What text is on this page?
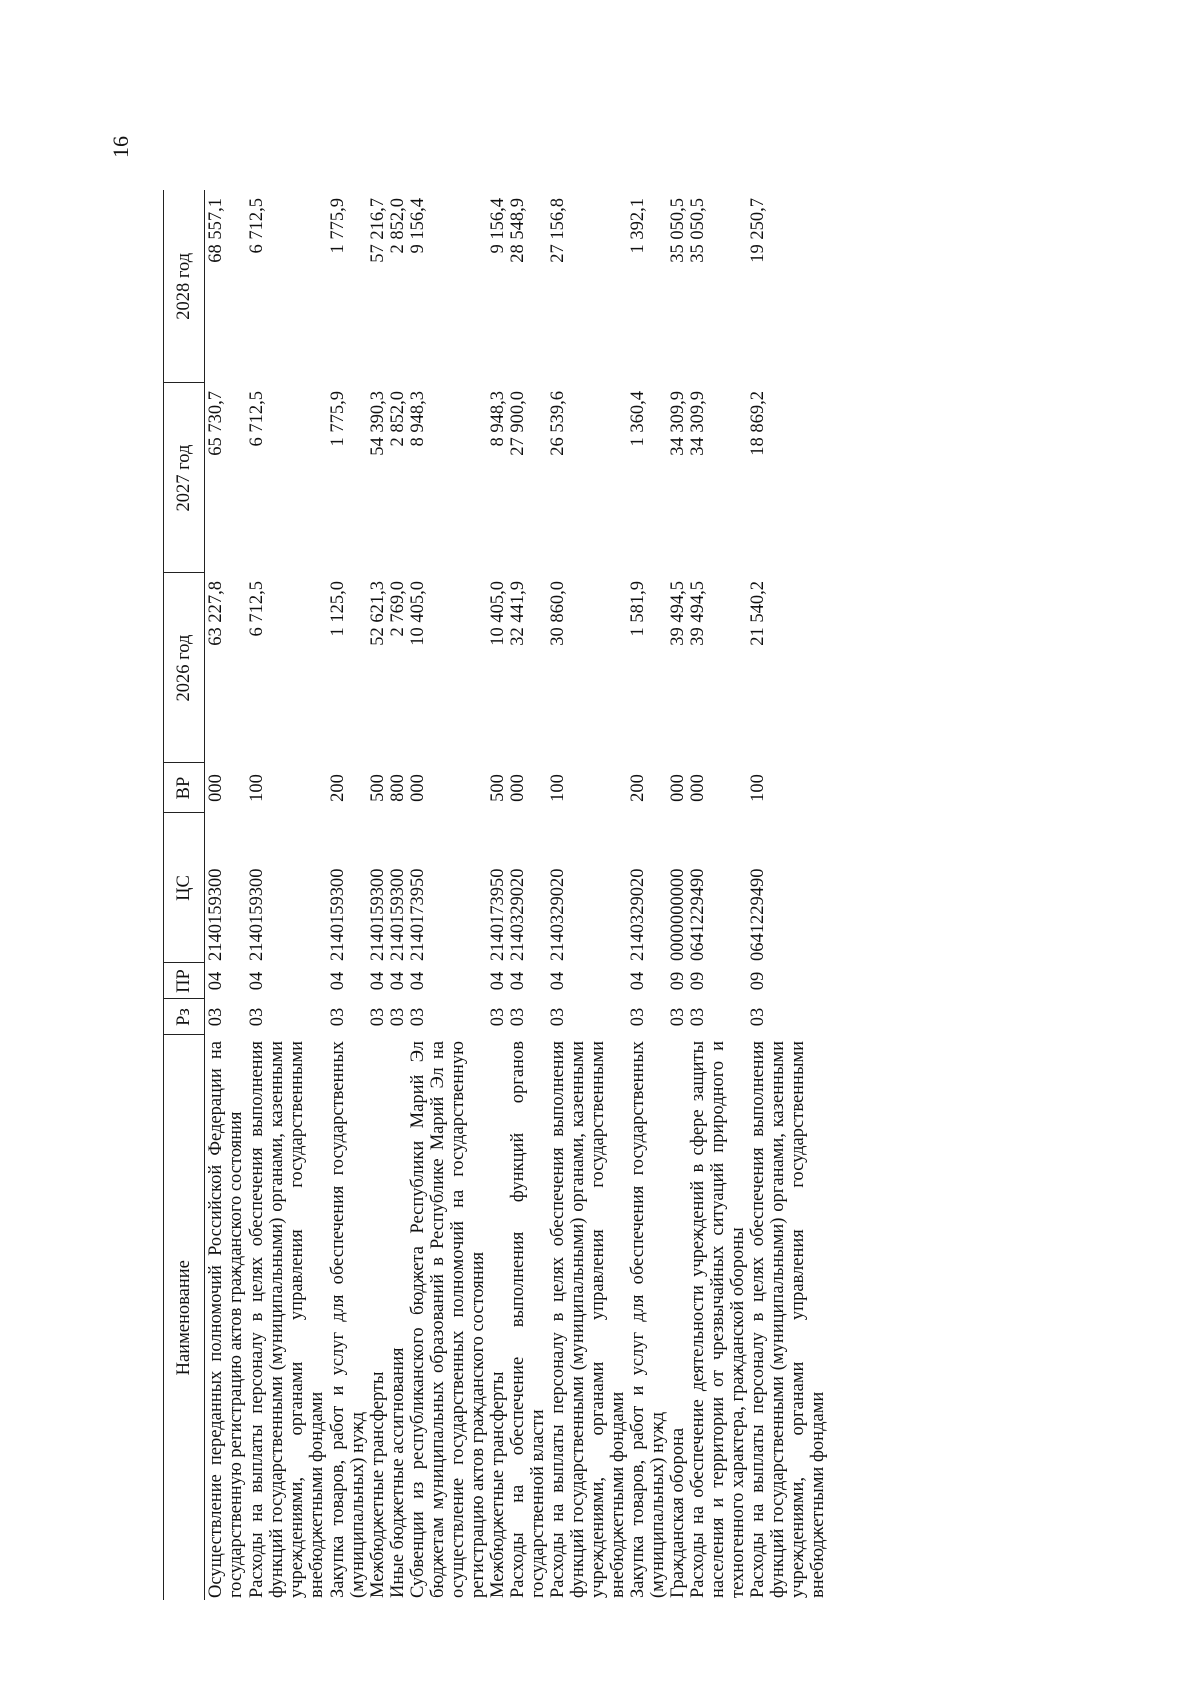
16
Наименование	Рз	ПР	ЦС	ВР	2026 год	2027 год	2028 год
Осуществление переданных полномочий Российской Федерации на государственную регистрацию актов гражданского состояния	03	04	2140159300	000	63 227,8	65 730,7	68 557,1
Расходы на выплаты персоналу в целях обеспечения выполнения функций государственными (муниципальными) органами, казенными учреждениями, органами управления государственными внебюджетными фондами	03	04	2140159300	100	6 712,5	6 712,5	6 712,5
Закупка товаров, работ и услуг для обеспечения государственных (муниципальных) нужд	03	04	2140159300	200	1 125,0	1 775,9	1 775,9
Межбюджетные трансферты	03	04	2140159300	500	52 621,3	54 390,3	57 216,7
Иные бюджетные ассигнования	03	04	2140159300	800	2 769,0	2 852,0	2 852,0
Субвенции из республиканского бюджета Республики Марий Эл бюджетам муниципальных образований в Республике Марий Эл на осуществление государственных полномочий на государственную регистрацию актов гражданского состояния	03	04	2140173950	000	10 405,0	8 948,3	9 156,4
Межбюджетные трансферты	03	04	2140173950	500	10 405,0	8 948,3	9 156,4
Расходы на обеспечение выполнения функций органов государственной власти	03	04	2140329020	000	32 441,9	27 900,0	28 548,9
Расходы на выплаты персоналу в целях обеспечения выполнения функций государственными (муниципальными) органами, казенными учреждениями, органами управления государственными внебюджетными фондами	03	04	2140329020	100	30 860,0	26 539,6	27 156,8
Закупка товаров, работ и услуг для обеспечения государственных (муниципальных) нужд	03	04	2140329020	200	1 581,9	1 360,4	1 392,1
Гражданская оборона	03	09	0000000000	000	39 494,5	34 309,9	35 050,5
Расходы на обеспечение деятельности учреждений в сфере защиты населения и территории от чрезвычайных ситуаций природного и техногенного характера, гражданской обороны	03	09	0641229490	000	39 494,5	34 309,9	35 050,5
Расходы на выплаты персоналу в целях обеспечения выполнения функций государственными (муниципальными) органами, казенными учреждениями, органами управления государственными внебюджетными фондами	03	09	0641229490	100	21 540,2	18 869,2	19 250,7
